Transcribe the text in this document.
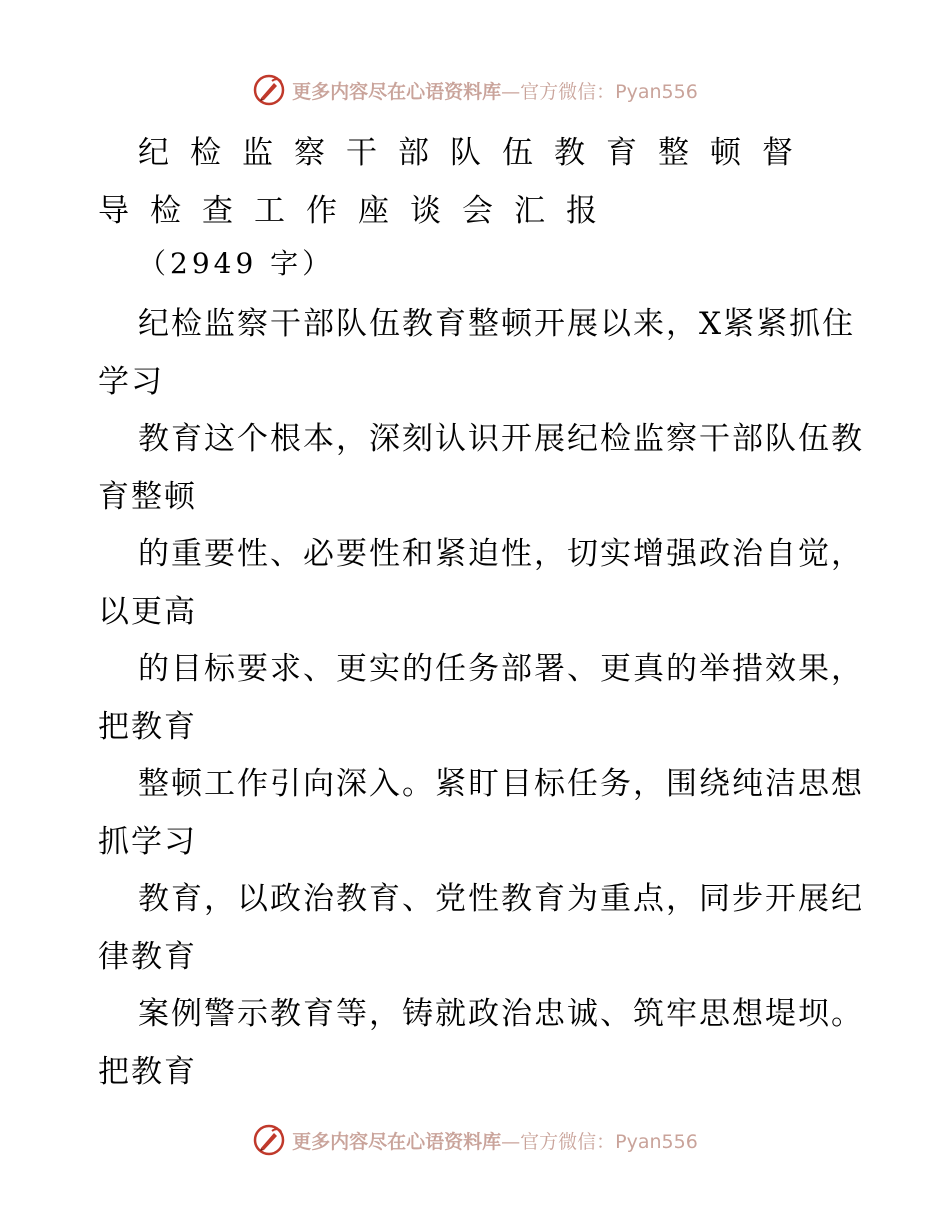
更多内容尽在心语资料库—官方微信：Pyan556
纪检监察干部队伍教育整顿督导检查工作座谈会汇报
（2949 字）

纪检监察干部队伍教育整顿开展以来，X紧紧抓住学习

教育这个根本，深刻认识开展纪检监察干部队伍教育整顿

的重要性、必要性和紧迫性，切实增强政治自觉，以更高

的目标要求、更实的任务部署、更真的举措效果，把教育

整顿工作引向深入。紧盯目标任务，围绕纯洁思想抓学习

教育，以政治教育、党性教育为重点，同步开展纪律教育

案例警示教育等，铸就政治忠诚、筑牢思想堤坝。把教育

更多内容尽在心语资料库—官方微信：Pyan556
